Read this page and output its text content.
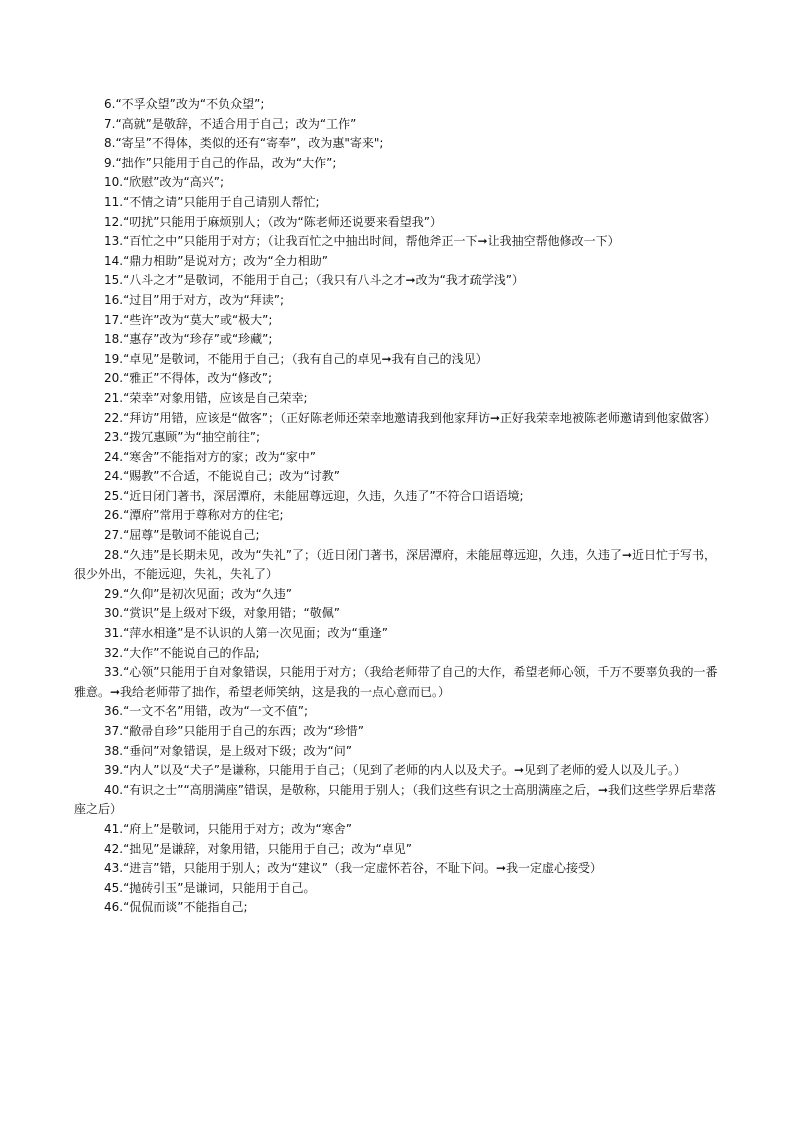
6.“不孚众望”改为“不负众望”;

7.“高就”是敬辞，不适合用于自己；改为“工作”

8.“寄呈”不得体，类似的还有“寄奉”，改为惠"寄来";

9.“拙作”只能用于自己的作品，改为“大作”;

10.“欣慰”改为“高兴”;

11.“不情之请”只能用于自己请别人帮忙;

12.“叨扰”只能用于麻烦别人；（改为“陈老师还说要来看望我”）

13.“百忙之中”只能用于对方；（让我百忙之中抽出时间，帮他斧正一下➞让我抽空帮他修改一下）

14.“鼎力相助”是说对方；改为“全力相助”

15.“八斗之才”是敬词，不能用于自己；（我只有八斗之才➞改为“我才疏学浅”）

16.“过目”用于对方，改为“拜读”;

17.“些许”改为“莫大”或“极大”;

18.“惠存”改为“珍存”或“珍藏”;

19.“卓见”是敬词，不能用于自己；（我有自己的卓见➞我有自己的浅见）

20.“雅正”不得体，改为“修改”;

21.“荣幸”对象用错，应该是自己荣幸;

22.“拜访”用错，应该是“做客”；（正好陈老师还荣幸地邀请我到他家拜访➞正好我荣幸地被陈老师邀请到他家做客）

23.“拨冗惠顾”为“抽空前往”;

24.“寒舍”不能指对方的家；改为“家中”

24.“赐教”不合适，不能说自己；改为“讨教”

25.“近日闭门著书，深居潭府，未能屈尊远迎，久违，久违了”不符合口语语境;

26.“潭府”常用于尊称对方的住宅;

27.“屈尊”是敬词不能说自己;

28.“久违”是长期未见，改为“失礼”了；（近日闭门著书，深居潭府，未能屈尊远迎，久违，久违了➞近日忙于写书，很少外出，不能远迎，失礼，失礼了）

29.“久仰”是初次见面；改为“久违”

30.“赏识”是上级对下级，对象用错；“敬佩”

31.“萍水相逢”是不认识的人第一次见面；改为“重逢”

32.“大作”不能说自己的作品;

33.“心领”只能用于自对象错误，只能用于对方；（我给老师带了自己的大作，希望老师心领，千万不要辜负我的一番雅意。➞我给老师带了拙作，希望老师笑纳，这是我的一点心意而已。）

36.“一文不名”用错，改为“一文不值”;

37.“敝帚自珍”只能用于自己的东西；改为“珍惜”

38.“垂问”对象错误，是上级对下级；改为“问”

39.“内人”以及“犬子”是谦称，只能用于自己；（见到了老师的内人以及犬子。➞见到了老师的爱人以及儿子。）

40.“有识之士”“高朋满座”错误，是敬称，只能用于别人；（我们这些有识之士高朋满座之后，➞我们这些学界后辈落座之后）

41.“府上”是敬词，只能用于对方；改为“寒舍”

42.“拙见”是谦辞，对象用错，只能用于自己；改为“卓见”

43.“进言”错，只能用于别人；改为“建议”（我一定虚怀若谷，不耻下问。➞我一定虚心接受）

45.“抛砖引玉”是谦词，只能用于自己。

46.“侃侃而谈”不能指自己;
